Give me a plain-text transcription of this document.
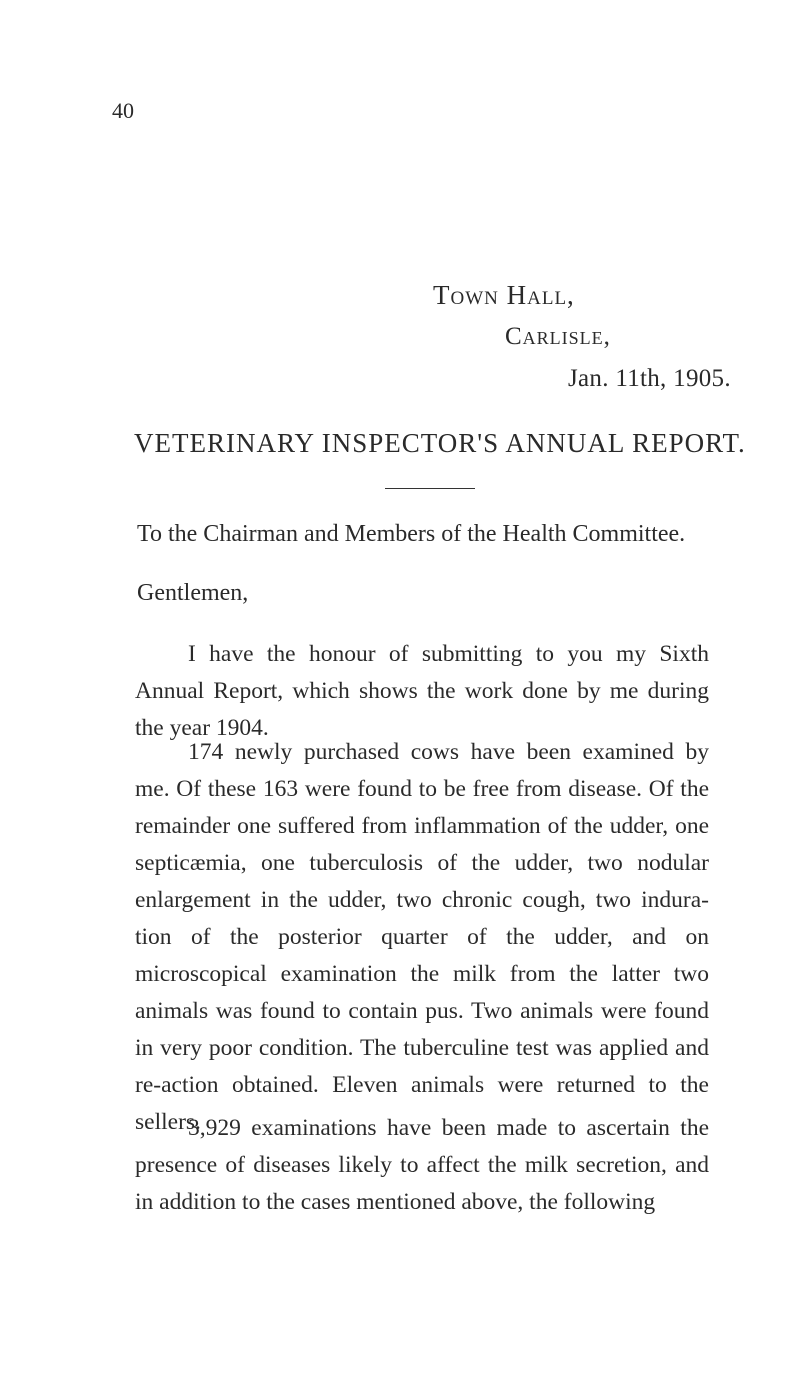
40
Town Hall,
Carlisle,
Jan. 11th, 1905.
VETERINARY INSPECTOR'S ANNUAL REPORT.
To the Chairman and Members of the Health Committee.
Gentlemen,

I have the honour of submitting to you my Sixth Annual Report, which shows the work done by me during the year 1904.

174 newly purchased cows have been examined by me. Of these 163 were found to be free from disease. Of the remainder one suffered from inflammation of the udder, one septicæmia, one tuberculosis of the udder, two nodular enlargement in the udder, two chronic cough, two indura-tion of the posterior quarter of the udder, and on microscopical examination the milk from the latter two animals was found to contain pus. Two animals were found in very poor condition. The tuberculine test was applied and re-action obtained. Eleven animals were returned to the sellers.

3,929 examinations have been made to ascertain the presence of diseases likely to affect the milk secretion, and in addition to the cases mentioned above, the following
